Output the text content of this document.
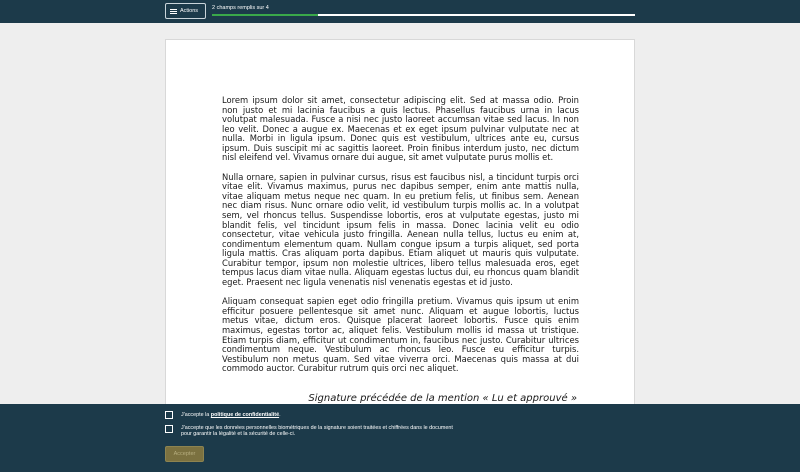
Actions	2 champs remplis sur 4

Lorem ipsum dolor sit amet, consectetur adipiscing elit. Sed at massa odio. Proin non justo et mi lacinia faucibus a quis lectus. Phasellus faucibus urna in lacus volutpat malesuada. Fusce a nisi nec justo laoreet accumsan vitae sed lacus. In non leo velit. Donec a augue ex. Maecenas et ex eget ipsum pulvinar vulputate nec at nulla. Morbi in ligula ipsum. Donec quis est vestibulum, ultrices ante eu, cursus ipsum. Duis suscipit mi ac sagittis laoreet. Proin finibus interdum justo, nec dictum nisl eleifend vel. Vivamus ornare dui augue, sit amet vulputate purus mollis et.

Nulla ornare, sapien in pulvinar cursus, risus est faucibus nisl, a tincidunt turpis orci vitae elit. Vivamus maximus, purus nec dapibus semper, enim ante mattis nulla, vitae aliquam metus neque nec quam. In eu pretium felis, ut finibus sem. Aenean nec diam risus. Nunc ornare odio velit, id vestibulum turpis mollis ac. In a volutpat sem, vel rhoncus tellus. Suspendisse lobortis, eros at vulputate egestas, justo mi blandit felis, vel tincidunt ipsum felis in massa. Donec lacinia velit eu odio consectetur, vitae vehicula justo fringilla. Aenean nulla tellus, luctus eu enim at, condimentum elementum quam. Nullam congue ipsum a turpis aliquet, sed porta ligula mattis. Cras aliquam porta dapibus. Etiam aliquet ut mauris quis vulputate. Curabitur tempor, ipsum non molestie ultrices, libero tellus malesuada eros, eget tempus lacus diam vitae nulla. Aliquam egestas luctus dui, eu rhoncus quam blandit eget. Praesent nec ligula venenatis nisl venenatis egestas et id justo.

Aliquam consequat sapien eget odio fringilla pretium. Vivamus quis ipsum ut enim efficitur posuere pellentesque sit amet nunc. Aliquam et augue lobortis, luctus metus vitae, dictum eros. Quisque placerat laoreet lobortis. Fusce quis enim maximus, egestas tortor ac, aliquet felis. Vestibulum mollis id massa ut tristique. Etiam turpis diam, efficitur ut condimentum in, faucibus nec justo. Curabitur ultrices condimentum neque. Vestibulum ac rhoncus leo. Fusce eu efficitur turpis. Vestibulum non metus quam. Sed vitae viverra orci. Maecenas quis massa at dui commodo auctor. Curabitur rutrum quis orci nec aliquet.

Signature précédée de la mention « Lu et approuvé »
J'accepte la politique de confidentialité.
J'accepte que les données personnelles biométriques de la signature soient traitées et chiffrées dans le document
pour garantir la légalité et la sécurité de celle-ci.
Accepter
